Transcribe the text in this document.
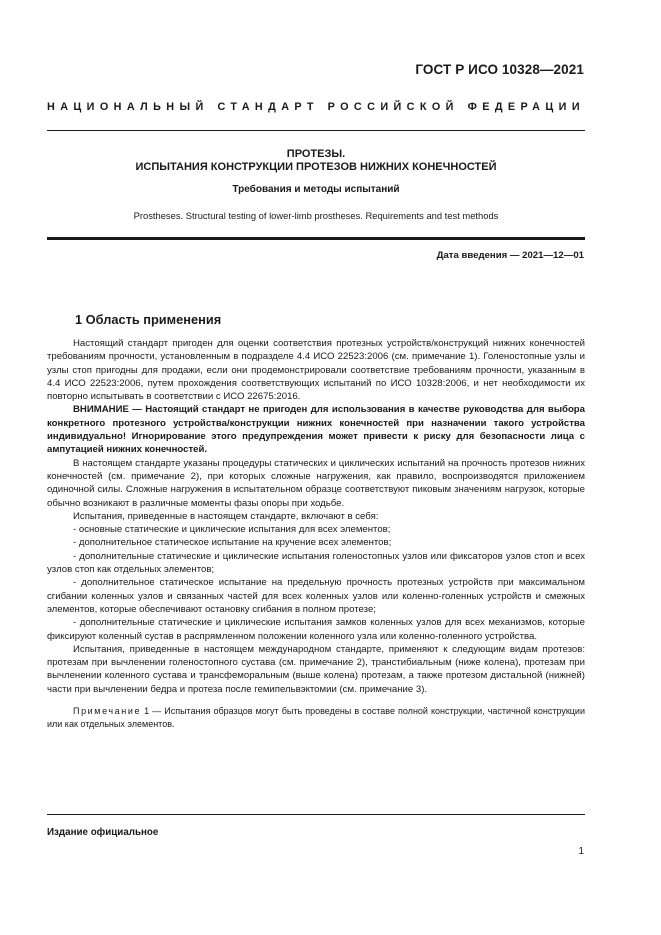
ГОСТ Р ИСО 10328—2021
НАЦИОНАЛЬНЫЙ СТАНДАРТ РОССИЙСКОЙ ФЕДЕРАЦИИ
ПРОТЕЗЫ.
ИСПЫТАНИЯ КОНСТРУКЦИИ ПРОТЕЗОВ НИЖНИХ КОНЕЧНОСТЕЙ
Требования и методы испытаний
Prostheses. Structural testing of lower-limb prostheses. Requirements and test methods
Дата введения — 2021—12—01
1 Область применения

Настоящий стандарт пригоден для оценки соответствия протезных устройств/конструкций нижних конечностей требованиям прочности, установленным в подразделе 4.4 ИСО 22523:2006 (см. примечание 1). Голеностопные узлы и узлы стоп пригодны для продажи, если они продемонстрировали соответствие требованиям прочности, указанным в 4.4 ИСО 22523:2006, путем прохождения соответствующих испытаний по ИСО 10328:2006, и нет необходимости их повторно испытывать в соответствии с ИСО 22675:2016.

ВНИМАНИЕ — Настоящий стандарт не пригоден для использования в качестве руководства для выбора конкретного протезного устройства/конструкции нижних конечностей при назначении такого устройства индивидуально! Игнорирование этого предупреждения может привести к риску для безопасности лица с ампутацией нижних конечностей.

В настоящем стандарте указаны процедуры статических и циклических испытаний на прочность протезов нижних конечностей (см. примечание 2), при которых сложные нагружения, как правило, воспроизводятся приложением одиночной силы. Сложные нагружения в испытательном образце соответствуют пиковым значениям нагрузок, которые обычно возникают в различные моменты фазы опоры при ходьбе.

Испытания, приведенные в настоящем стандарте, включают в себя:

- основные статические и циклические испытания для всех элементов;

- дополнительное статическое испытание на кручение всех элементов;

- дополнительные статические и циклические испытания голеностопных узлов или фиксаторов узлов стоп и всех узлов стоп как отдельных элементов;

- дополнительное статическое испытание на предельную прочность протезных устройств при максимальном сгибании коленных узлов и связанных частей для всех коленных узлов или коленно-голенных устройств и смежных элементов, которые обеспечивают остановку сгибания в полном протезе;

- дополнительные статические и циклические испытания замков коленных узлов для всех механизмов, которые фиксируют коленный сустав в распрямленном положении коленного узла или коленно-голенного устройства.

Испытания, приведенные в настоящем международном стандарте, применяют к следующим видам протезов: протезам при вычленении голеностопного сустава (см. примечание 2), транстибиальным (ниже колена), протезам при вычленении коленного сустава и трансфеморальным (выше колена) протезам, а также протезом дистальной (нижней) части при вычленении бедра и протеза после гемипельвэктомии (см. примечание 3).

Примечание 1 — Испытания образцов могут быть проведены в составе полной конструкции, частичной конструкции или как отдельных элементов.

Издание официальное
1
